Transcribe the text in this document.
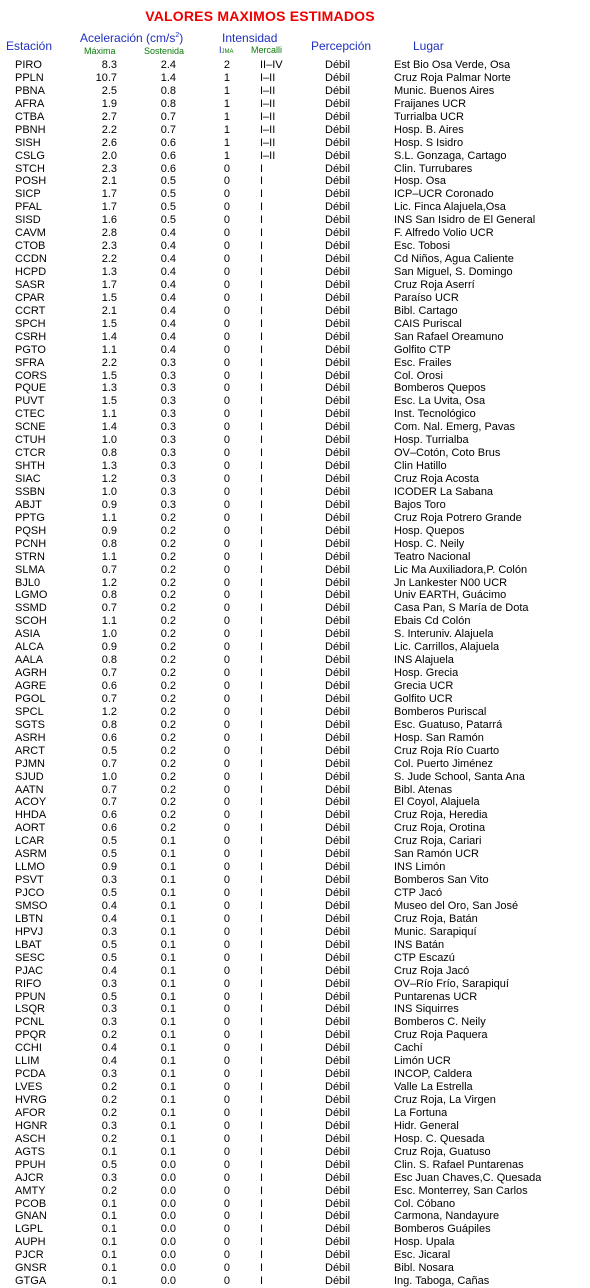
VALORES MAXIMOS ESTIMADOS
Estación
Aceleración $(cm/s^2)$
Máxima	Sostenida
Intensidad
IJMA Mercalli Percepción	Lugar
PIRO	8.3	2.4	2	II–IV	Débil	Est Bio Osa Verde, Osa
PPLN	10.7	1.4	1	I–II	Débil	Cruz Roja Palmar Norte
PBNA	2.5	0.8	1	I–II	Débil	Munic. Buenos Aires
AFRA	1.9	0.8	1	I–II	Débil	Fraijanes UCR
CTBA	2.7	0.7	1	I–II	Débil	Turrialba UCR
PBNH	2.2	0.7	1	I–II	Débil	Hosp. B. Aires
SISH	2.6	0.6	1	I–II	Débil	Hosp. S Isidro
CSLG	2.0	0.6	1	I–II	Débil	S.L. Gonzaga, Cartago
STCH	2.3	0.6	0	I	Débil	Clin. Turrubares
POSH	2.1	0.5	0	I	Débil	Hosp. Osa
SICP	1.7	0.5	0	I	Débil	ICP–UCR Coronado
PFAL	1.7	0.5	0	I	Débil	Lic. Finca Alajuela,Osa
SISD	1.6	0.5	0	I	Débil	INS San Isidro de El General
CAVM	2.8	0.4	0	I	Débil	F. Alfredo Volio UCR
CTOB	2.3	0.4	0	I	Débil	Esc. Tobosi
CCDN	2.2	0.4	0	I	Débil	Cd Niños, Agua Caliente
HCPD	1.3	0.4	0	I	Débil	San Miguel, S. Domingo
SASR	1.7	0.4	0	I	Débil	Cruz Roja Aserrí
CPAR	1.5	0.4	0	I	Débil	Paraíso UCR
CCRT	2.1	0.4	0	I	Débil	Bibl. Cartago
SPCH	1.5	0.4	0	I	Débil	CAIS Puriscal
CSRH	1.4	0.4	0	I	Débil	San Rafael Oreamuno
PGTO	1.1	0.4	0	I	Débil	Golfito CTP
SFRA	2.2	0.3	0	I	Débil	Esc. Frailes
CORS	1.5	0.3	0	I	Débil	Col. Orosi
PQUE	1.3	0.3	0	I	Débil	Bomberos Quepos
PUVT	1.5	0.3	0	I	Débil	Esc. La Uvita, Osa
CTEC	1.1	0.3	0	I	Débil	Inst. Tecnológico
SCNE	1.4	0.3	0	I	Débil	Com. Nal. Emerg, Pavas
CTUH	1.0	0.3	0	I	Débil	Hosp. Turrialba
CTCR	0.8	0.3	0	I	Débil	OV–Cotón, Coto Brus
SHTH	1.3	0.3	0	I	Débil	Clin Hatillo
SIAC	1.2	0.3	0	I	Débil	Cruz Roja Acosta
SSBN	1.0	0.3	0	I	Débil	ICODER La Sabana
ABJT	0.9	0.3	0	I	Débil	Bajos Toro
PPTG	1.1	0.2	0	I	Débil	Cruz Roja Potrero Grande
PQSH	0.9	0.2	0	I	Débil	Hosp. Quepos
PCNH	0.8	0.2	0	I	Débil	Hosp. C. Neily
STRN	1.1	0.2	0	I	Débil	Teatro Nacional
SLMA	0.7	0.2	0	I	Débil	Lic Ma Auxiliadora,P. Colón
BJL0	1.2	0.2	0	I	Débil	Jn Lankester N00 UCR
LGMO	0.8	0.2	0	I	Débil	Univ EARTH, Guácimo
SSMD	0.7	0.2	0	I	Débil	Casa Pan, S María de Dota
SCOH	1.1	0.2	0	I	Débil	Ebais Cd Colón
ASIA	1.0	0.2	0	I	Débil	S. Interuniv. Alajuela
ALCA	0.9	0.2	0	I	Débil	Lic. Carrillos, Alajuela
AALA	0.8	0.2	0	I	Débil	INS Alajuela
AGRH	0.7	0.2	0	I	Débil	Hosp. Grecia
AGRE	0.6	0.2	0	I	Débil	Grecia UCR
PGOL	0.7	0.2	0	I	Débil	Golfito UCR
SPCL	1.2	0.2	0	I	Débil	Bomberos Puriscal
SGTS	0.8	0.2	0	I	Débil	Esc. Guatuso, Patarrá
ASRH	0.6	0.2	0	I	Débil	Hosp. San Ramón
ARCT	0.5	0.2	0	I	Débil	Cruz Roja Río Cuarto
PJMN	0.7	0.2	0	I	Débil	Col. Puerto Jiménez
SJUD	1.0	0.2	0	I	Débil	S. Jude School, Santa Ana
AATN	0.7	0.2	0	I	Débil	Bibl. Atenas
ACOY	0.7	0.2	0	I	Débil	El Coyol, Alajuela
HHDA	0.6	0.2	0	I	Débil	Cruz Roja, Heredia
AORT	0.6	0.2	0	I	Débil	Cruz Roja, Orotina
LCAR	0.5	0.1	0	I	Débil	Cruz Roja, Cariari
ASRM	0.5	0.1	0	I	Débil	San Ramón UCR
LLMO	0.9	0.1	0	I	Débil	INS Limón
PSVT	0.3	0.1	0	I	Débil	Bomberos San Vito
PJCO	0.5	0.1	0	I	Débil	CTP Jacó
SMSO	0.4	0.1	0	I	Débil	Museo del Oro, San José
LBTN	0.4	0.1	0	I	Débil	Cruz Roja, Batán
HPVJ	0.3	0.1	0	I	Débil	Munic. Sarapiquí
LBAT	0.5	0.1	0	I	Débil	INS Batán
SESC	0.5	0.1	0	I	Débil	CTP Escazú
PJAC	0.4	0.1	0	I	Débil	Cruz Roja Jacó
RIFO	0.3	0.1	0	I	Débil	OV–Río Frío, Sarapiquí
PPUN	0.5	0.1	0	I	Débil	Puntarenas UCR
LSQR	0.3	0.1	0	I	Débil	INS Siquirres
PCNL	0.3	0.1	0	I	Débil	Bomberos C. Neily
PPQR	0.2	0.1	0	I	Débil	Cruz Roja Paquera
CCHI	0.4	0.1	0	I	Débil	Cachí
LLIM	0.4	0.1	0	I	Débil	Limón UCR
PCDA	0.3	0.1	0	I	Débil	INCOP, Caldera
LVES	0.2	0.1	0	I	Débil	Valle La Estrella
HVRG	0.2	0.1	0	I	Débil	Cruz Roja, La Virgen
AFOR	0.2	0.1	0	I	Débil	La Fortuna
HGNR	0.3	0.1	0	I	Débil	Hidr. General
ASCH	0.2	0.1	0	I	Débil	Hosp. C. Quesada
AGTS	0.1	0.1	0	I	Débil	Cruz Roja, Guatuso
PPUH	0.5	0.0	0	I	Débil	Clin. S. Rafael Puntarenas
AJCR	0.3	0.0	0	I	Débil	Esc Juan Chaves,C. Quesada
AMTY	0.2	0.0	0	I	Débil	Esc. Monterrey, San Carlos
PCOB	0.1	0.0	0	I	Débil	Col. Cóbano
GNAN	0.1	0.0	0	I	Débil	Carmona, Nandayure
LGPL	0.1	0.0	0	I	Débil	Bomberos Guápiles
AUPH	0.1	0.0	0	I	Débil	Hosp. Upala
PJCR	0.1	0.0	0	I	Débil	Esc. Jicaral
GNSR	0.1	0.0	0	I	Débil	Bibl. Nosara
GTGA	0.1	0.0	0	I	Débil	Ing. Taboga, Cañas
